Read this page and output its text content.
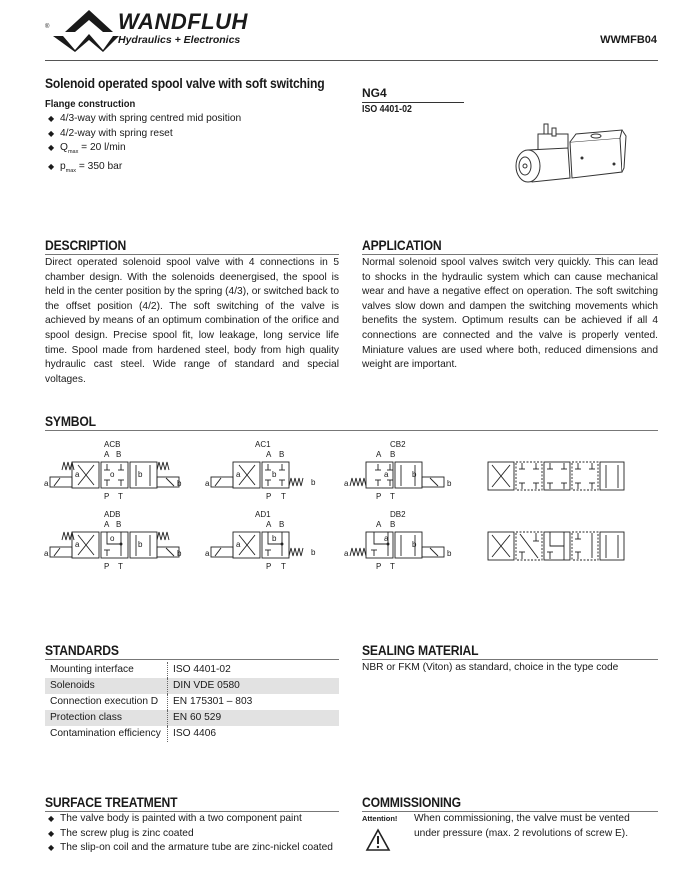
®	WANDFLUH
Hydraulics + Electronics	WWMFB04
Solenoid operated spool valve with soft switching
Flange construction
◆ 4/3-way with spring centred mid position
◆ 4/2-way with spring reset
◆ $Q_{max} = 20$ l/min
◆ $p_{max} = 350$ bar
NG4
ISO 4401-02
DESCRIPTION
Direct operated solenoid spool valve with 4 connections in 5 chamber design. With the solenoids deenergised, the spool is held in the center position by the spring (4/3), or switched back to the offset position (4/2). The soft switching of the valve is achieved by means of an optimum combination of the orifice and spool design. Precise spool fit, low leakage, long service life time. Spool made from hardened steel, body from high quality hydraulic cast steel. Wide range of standard and special voltages.
APPLICATION
Normal solenoid spool valves switch very quickly. This can lead to shocks in the hydraulic system which can cause mechanical wear and have a negative effect on operation. The soft switching valves slow down and dampen the switching movements which benefits the system. Optimum results can be achieved if all 4 connections are connected and the valve is properly vented. Miniature values are used where both, reduced dimensions and weight are important.
SYMBOL
ACB
A B
P T
a	b
a	o	b
AC1
A B
P T
a
a	b
b
CB2
A B
P T
a
a	b
b
ADB
A B
P T
a	b
a
o
b
AD1
A B
P T
a
a
b
b
DB2
A B
P T
a
a
b
b
STANDARDS
Mounting interface	ISO 4401-02
Solenoids	DIN VDE 0580
Connection execution D	EN 175301 – 803
Protection class	EN 60 529
Contamination efficiency	ISO 4406
SEALING MATERIAL
NBR or FKM (Viton) as standard, choice in the type code
SURFACE TREATMENT
◆ The valve body is painted with a two component paint
◆ The screw plug is zinc coated
◆ The slip-on coil and the armature tube are zinc-nickel coated
COMMISSIONING
Attention! When commissioning, the valve must be vented under pressure (max. 2 revolutions of screw E).
